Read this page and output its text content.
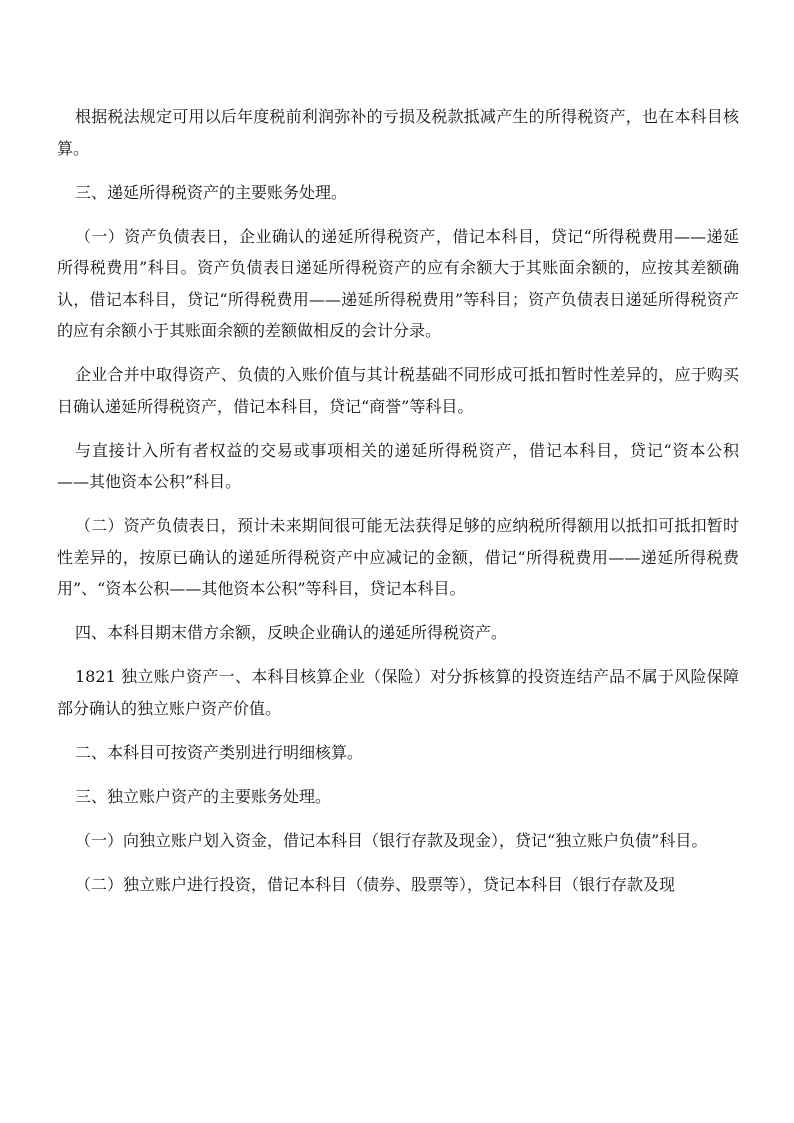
根据税法规定可用以后年度税前利润弥补的亏损及税款抵减产生的所得税资产，也在本科目核算。

三、递延所得税资产的主要账务处理。

（一）资产负债表日，企业确认的递延所得税资产，借记本科目，贷记“所得税费用——递延所得税费用”科目。资产负债表日递延所得税资产的应有余额大于其账面余额的，应按其差额确认，借记本科目，贷记“所得税费用——递延所得税费用”等科目；资产负债表日递延所得税资产的应有余额小于其账面余额的差额做相反的会计分录。

企业合并中取得资产、负债的入账价值与其计税基础不同形成可抵扣暂时性差异的，应于购买日确认递延所得税资产，借记本科目，贷记“商誉”等科目。

与直接计入所有者权益的交易或事项相关的递延所得税资产，借记本科目，贷记“资本公积——其他资本公积”科目。

（二）资产负债表日，预计未来期间很可能无法获得足够的应纳税所得额用以抵扣可抵扣暂时性差异的，按原已确认的递延所得税资产中应减记的金额，借记“所得税费用——递延所得税费用”、“资本公积——其他资本公积”等科目，贷记本科目。

四、本科目期末借方余额，反映企业确认的递延所得税资产。

1821 独立账户资产一、本科目核算企业（保险）对分拆核算的投资连结产品不属于风险保障部分确认的独立账户资产价值。

二、本科目可按资产类别进行明细核算。

三、独立账户资产的主要账务处理。

（一）向独立账户划入资金，借记本科目（银行存款及现金），贷记“独立账户负债”科目。

（二）独立账户进行投资，借记本科目（债券、股票等），贷记本科目（银行存款及现
